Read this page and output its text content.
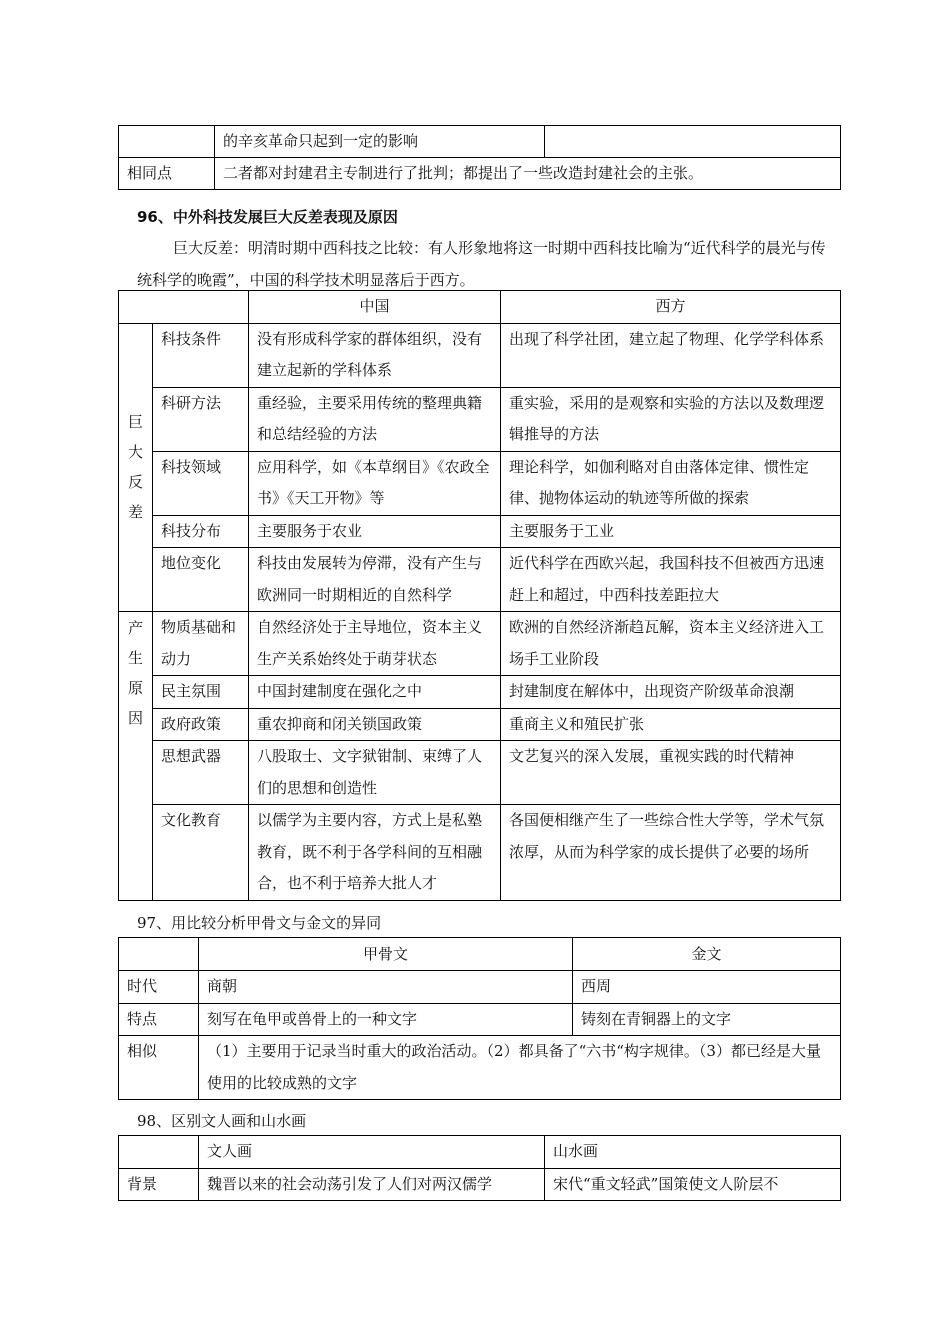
	的辛亥革命只起到一定的影响	
相同点	二者都对封建君主专制进行了批判；都提出了一些改造封建社会的主张。	
96、中外科技发展巨大反差表现及原因
巨大反差：明清时期中西科技之比较：有人形象地将这一时期中西科技比喻为“近代科学的晨光与传统科学的晚霞”，中国的科学技术明显落后于西方。
		中国	西方

巨
大
反
差	科技条件	没有形成科学家的群体组织，没有建立起新的学科体系	出现了科学社团，建立起了物理、化学学科体系
	科研方法	重经验，主要采用传统的整理典籍和总结经验的方法	重实验，采用的是观察和实验的方法以及数理逻辑推导的方法
	科技领域	应用科学，如《本草纲目》《农政全书》《天工开物》等	理论科学，如伽利略对自由落体定律、惯性定律、抛物体运动的轨迹等所做的探索
	科技分布	主要服务于农业	主要服务于工业
	地位变化	科技由发展转为停滞，没有产生与欧洲同一时期相近的自然科学	近代科学在西欧兴起，我国科技不但被西方迅速赶上和超过，中西科技差距拉大

产
生
原
因	物质基础和动力	自然经济处于主导地位，资本主义生产关系始终处于萌芽状态	欧洲的自然经济渐趋瓦解，资本主义经济进入工场手工业阶段
	民主氛围	中国封建制度在强化之中	封建制度在解体中，出现资产阶级革命浪潮
	政府政策	重农抑商和闭关锁国政策	重商主义和殖民扩张
	思想武器	八股取士、文字狱钳制、束缚了人们的思想和创造性	文艺复兴的深入发展，重视实践的时代精神
	文化教育	以儒学为主要内容，方式上是私塾教育，既不利于各学科间的互相融合，也不利于培养大批人才	各国便相继产生了一些综合性大学等，学术气氛浓厚，从而为科学家的成长提供了必要的场所
97、用比较分析甲骨文与金文的异同
	甲骨文	金文
时代	商朝	西周
特点	刻写在龟甲或兽骨上的一种文字	铸刻在青铜器上的文字
相似	（1）主要用于记录当时重大的政治活动。（2）都具备了“六书“构字规律。（3）都已经是大量使用的比较成熟的文字	
98、区别文人画和山水画
	文人画	山水画
背景	魏晋以来的社会动荡引发了人们对两汉儒学	宋代“重文轻武”国策使文人阶层不
